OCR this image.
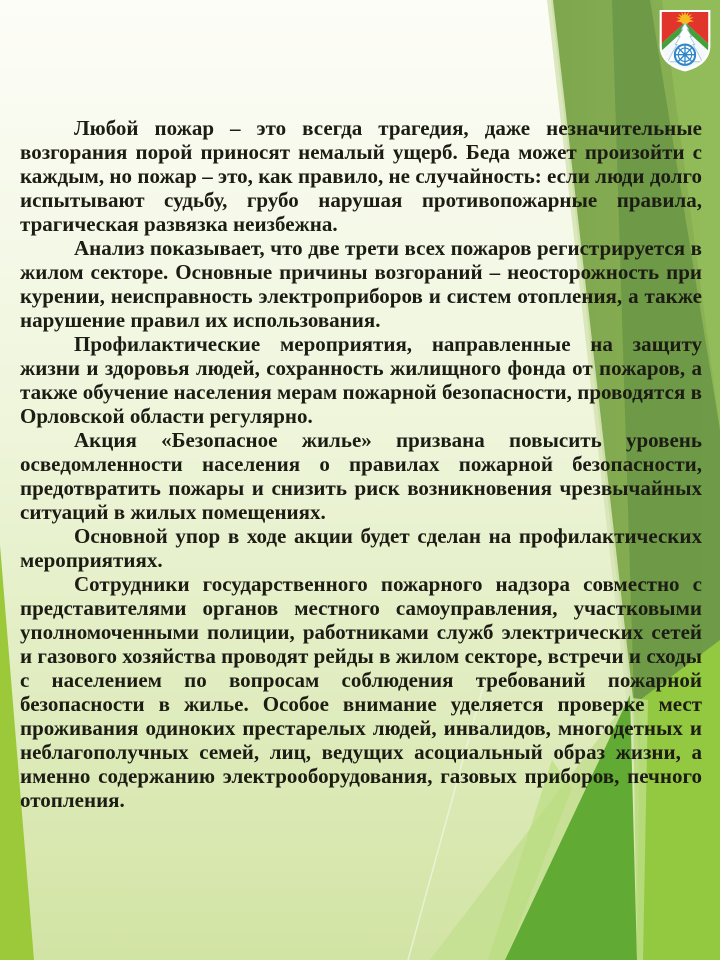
Любой пожар – это всегда трагедия, даже незначительные возгорания порой приносят немалый ущерб. Беда может произойти с каждым, но пожар – это, как правило, не случайность: если люди долго испытывают судьбу, грубо нарушая противопожарные правила, трагическая развязка неизбежна.

Анализ показывает, что две трети всех пожаров регистрируется в жилом секторе. Основные причины возгораний – неосторожность при курении, неисправность электроприборов и систем отопления, а также нарушение правил их использования.

Профилактические мероприятия, направленные на защиту жизни и здоровья людей, сохранность жилищного фонда от пожаров, а также обучение населения мерам пожарной безопасности, проводятся в Орловской области регулярно.

Акция «Безопасное жилье» призвана повысить уровень осведомленности населения о правилах пожарной безопасности, предотвратить пожары и снизить риск возникновения чрезвычайных ситуаций в жилых помещениях.

Основной упор в ходе акции будет сделан на профилактических мероприятиях.

Сотрудники государственного пожарного надзора совместно с представителями органов местного самоуправления, участковыми уполномоченными полиции, работниками служб электрических сетей и газового хозяйства проводят рейды в жилом секторе, встречи и сходы с населением по вопросам соблюдения требований пожарной безопасности в жилье. Особое внимание уделяется проверке мест проживания одиноких престарелых людей, инвалидов, многодетных и неблагополучных семей, лиц, ведущих асоциальный образ жизни, а именно содержанию электрооборудования, газовых приборов, печного отопления.
